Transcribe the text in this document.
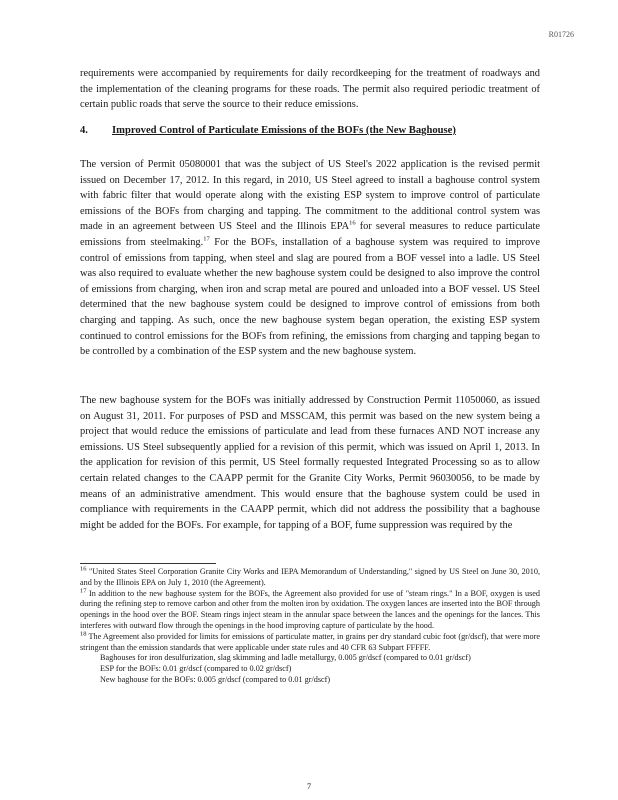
R01726
requirements were accompanied by requirements for daily recordkeeping for the treatment of roadways and the implementation of the cleaning programs for these roads. The permit also required periodic treatment of certain public roads that serve the source to their reduce emissions.
4. Improved Control of Particulate Emissions of the BOFs (the New Baghouse)
The version of Permit 05080001 that was the subject of US Steel's 2022 application is the revised permit issued on December 17, 2012. In this regard, in 2010, US Steel agreed to install a baghouse control system with fabric filter that would operate along with the existing ESP system to improve control of particulate emissions of the BOFs from charging and tapping. The commitment to the additional control system was made in an agreement between US Steel and the Illinois EPA$^{16}$ for several measures to reduce particulate emissions from steelmaking.$^{17}$ For the BOFs, installation of a baghouse system was required to improve control of emissions from tapping, when steel and slag are poured from a BOF vessel into a ladle. US Steel was also required to evaluate whether the new baghouse system could be designed to also improve the control of emissions from charging, when iron and scrap metal are poured and unloaded into a BOF vessel. US Steel determined that the new baghouse system could be designed to improve control of emissions from both charging and tapping. As such, once the new baghouse system began operation, the existing ESP system continued to control emissions for the BOFs from refining, the emissions from charging and tapping began to be controlled by a combination of the ESP system and the new baghouse system.
The new baghouse system for the BOFs was initially addressed by Construction Permit 11050060, as issued on August 31, 2011. For purposes of PSD and MSSCAM, this permit was based on the new system being a project that would reduce the emissions of particulate and lead from these furnaces AND NOT increase any emissions. US Steel subsequently applied for a revision of this permit, which was issued on April 1, 2013. In the application for revision of this permit, US Steel formally requested Integrated Processing so as to allow certain related changes to the CAAPP permit for the Granite City Works, Permit 96030056, to be made by means of an administrative amendment. This would ensure that the baghouse system could be used in compliance with requirements in the CAAPP permit, which did not address the possibility that a baghouse might be added for the BOFs. For example, for tapping of a BOF, fume suppression was required by the

$^{16}$ "United States Steel Corporation Granite City Works and IEPA Memorandum of Understanding," signed by US Steel on June 30, 2010, and by the Illinois EPA on July 1, 2010 (the Agreement).

$^{17}$ In addition to the new baghouse system for the BOFs, the Agreement also provided for use of "steam rings." In a BOF, oxygen is used during the refining step to remove carbon and other from the molten iron by oxidation. The oxygen lances are inserted into the BOF through openings in the hood over the BOF. Steam rings inject steam in the annular space between the lances and the openings for the lances. This interferes with outward flow through the openings in the hood improving capture of particulate by the hood.

$^{18}$ The Agreement also provided for limits for emissions of particulate matter, in grains per dry standard cubic foot (gr/dscf), that were more stringent than the emission standards that were applicable under state rules and 40 CFR 63 Subpart FFFFF.

Baghouses for iron desulfurization, slag skimming and ladle metallurgy, 0.005 gr/dscf (compared to 0.01 gr/dscf)
ESP for the BOFs: 0.01 gr/dscf (compared to 0.02 gr/dscf)
New baghouse for the BOFs: 0.005 gr/dscf (compared to 0.01 gr/dscf)
7
